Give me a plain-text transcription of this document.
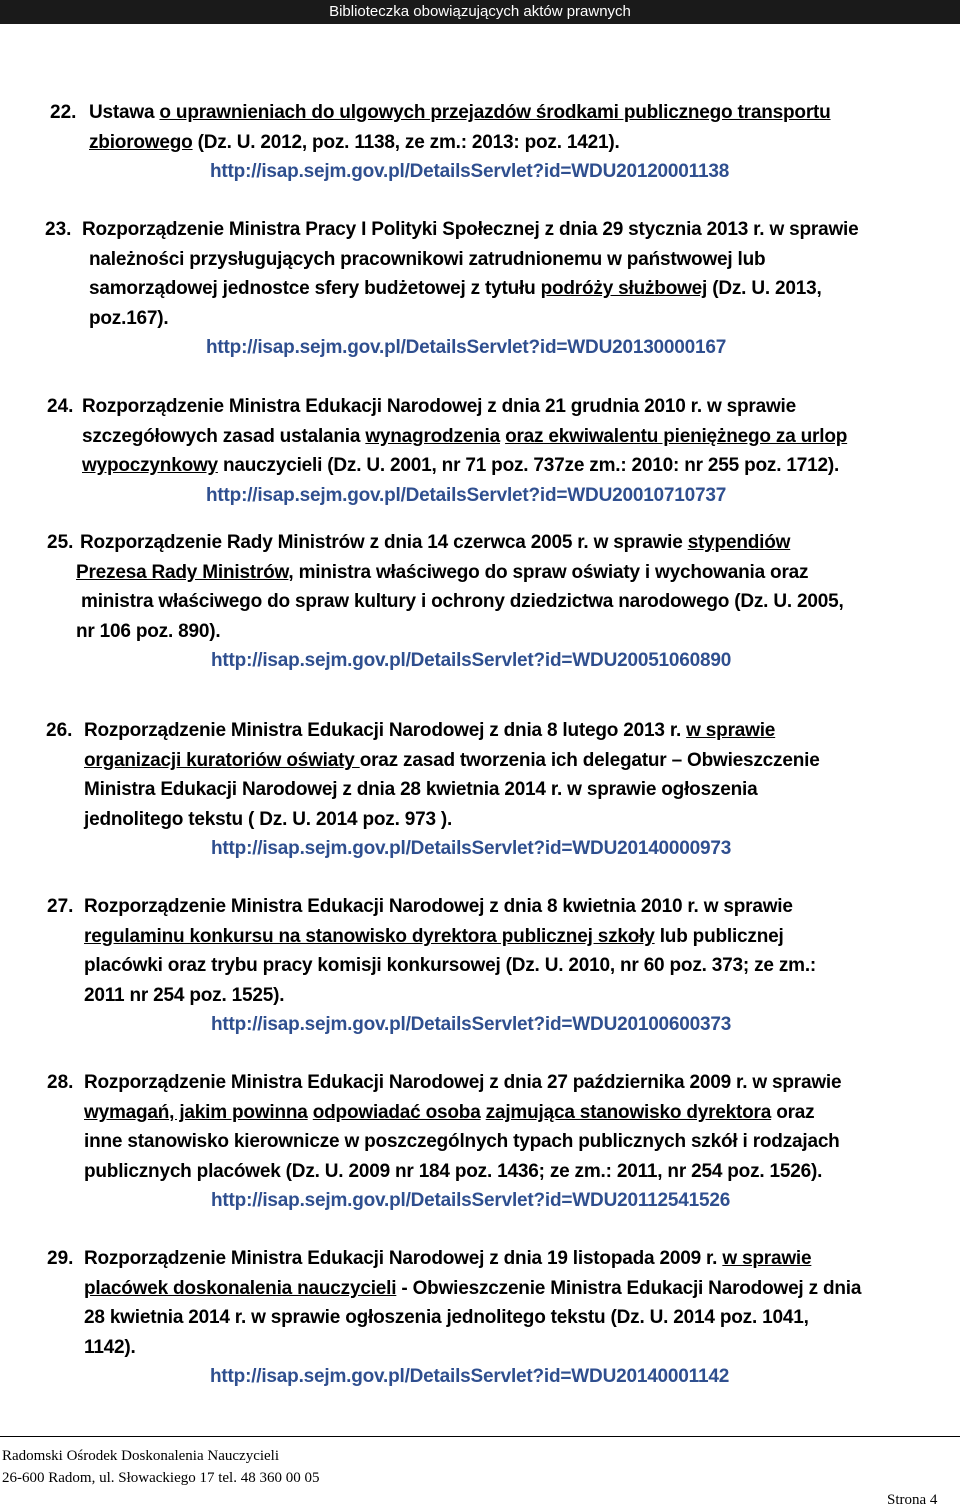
Biblioteczka obowiązujących aktów prawnych
22. Ustawa o uprawnieniach do ulgowych przejazdów środkami publicznego transportu
zbiorowego (Dz. U. 2012, poz. 1138, ze zm.: 2013: poz. 1421).
http://isap.sejm.gov.pl/DetailsServlet?id=WDU20120001138
23. Rozporządzenie Ministra Pracy I Polityki Społecznej z dnia 29 stycznia 2013 r. w sprawie
należności przysługujących pracownikowi zatrudnionemu w państwowej lub
samorządowej jednostce sfery budżetowej z tytułu podróży służbowej (Dz. U. 2013,
poz.167).
http://isap.sejm.gov.pl/DetailsServlet?id=WDU20130000167
24. Rozporządzenie Ministra Edukacji Narodowej z dnia 21 grudnia 2010 r. w sprawie
szczegółowych zasad ustalania wynagrodzenia oraz ekwiwalentu pieniężnego za urlop
wypoczynkowy nauczycieli (Dz. U. 2001, nr 71 poz. 737ze zm.: 2010: nr 255 poz. 1712).
http://isap.sejm.gov.pl/DetailsServlet?id=WDU20010710737
25. Rozporządzenie Rady Ministrów z dnia 14 czerwca 2005 r. w sprawie stypendiów
Prezesa Rady Ministrów, ministra właściwego do spraw oświaty i wychowania oraz
ministra właściwego do spraw kultury i ochrony dziedzictwa narodowego (Dz. U. 2005,
nr 106 poz. 890).
http://isap.sejm.gov.pl/DetailsServlet?id=WDU20051060890
26. Rozporządzenie Ministra Edukacji Narodowej z dnia 8 lutego 2013 r. w sprawie
organizacji kuratoriów oświaty oraz zasad tworzenia ich delegatur – Obwieszczenie
Ministra Edukacji Narodowej z dnia 28 kwietnia 2014 r. w sprawie ogłoszenia
jednolitego tekstu ( Dz. U. 2014 poz. 973 ).
http://isap.sejm.gov.pl/DetailsServlet?id=WDU20140000973
27. Rozporządzenie Ministra Edukacji Narodowej z dnia 8 kwietnia 2010 r. w sprawie
regulaminu konkursu na stanowisko dyrektora publicznej szkoły lub publicznej
placówki oraz trybu pracy komisji konkursowej (Dz. U. 2010, nr 60 poz. 373; ze zm.:
2011 nr 254 poz. 1525).
http://isap.sejm.gov.pl/DetailsServlet?id=WDU20100600373
28. Rozporządzenie Ministra Edukacji Narodowej z dnia 27 października 2009 r. w sprawie
wymagań, jakim powinna odpowiadać osoba zajmująca stanowisko dyrektora oraz
inne stanowisko kierownicze w poszczególnych typach publicznych szkół i rodzajach
publicznych placówek (Dz. U. 2009 nr 184 poz. 1436; ze zm.: 2011, nr 254 poz. 1526).
http://isap.sejm.gov.pl/DetailsServlet?id=WDU20112541526
29. Rozporządzenie Ministra Edukacji Narodowej z dnia 19 listopada 2009 r. w sprawie
placówek doskonalenia nauczycieli - Obwieszczenie Ministra Edukacji Narodowej z dnia
28 kwietnia 2014 r. w sprawie ogłoszenia jednolitego tekstu (Dz. U. 2014 poz. 1041,
1142).
http://isap.sejm.gov.pl/DetailsServlet?id=WDU20140001142
Radomski Ośrodek Doskonalenia Nauczycieli
26-600 Radom, ul. Słowackiego 17 tel. 48 360 00 05
Strona 4
